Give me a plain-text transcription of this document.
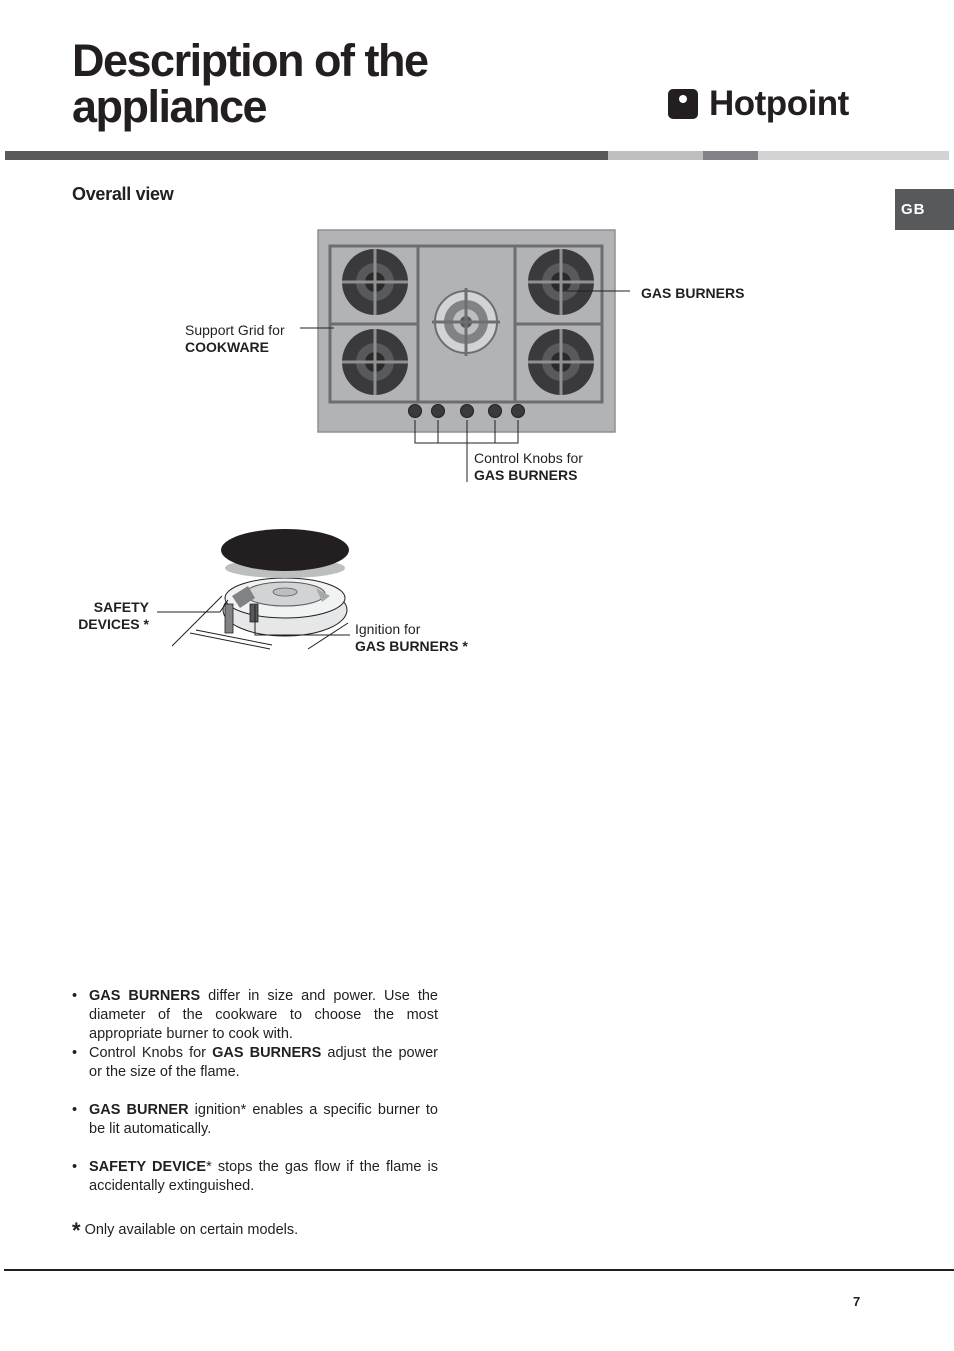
Description of the
appliance	Hotpoint
GB
Overall view
GAS BURNERS
Support Grid for
COOKWARE
Control Knobs for
GAS BURNERS
SAFETY
DEVICES *	Ignition for
GAS BURNERS *
• GAS BURNERS differ in size and power. Use the diameter of the cookware to choose the most appropriate burner to cook with.
• Control Knobs for GAS BURNERS adjust the power or the size of the flame.
• GAS BURNER ignition* enables a specific burner to be lit automatically.
• SAFETY DEVICE* stops the gas flow if the flame is accidentally extinguished.
* Only available on certain models.
7
